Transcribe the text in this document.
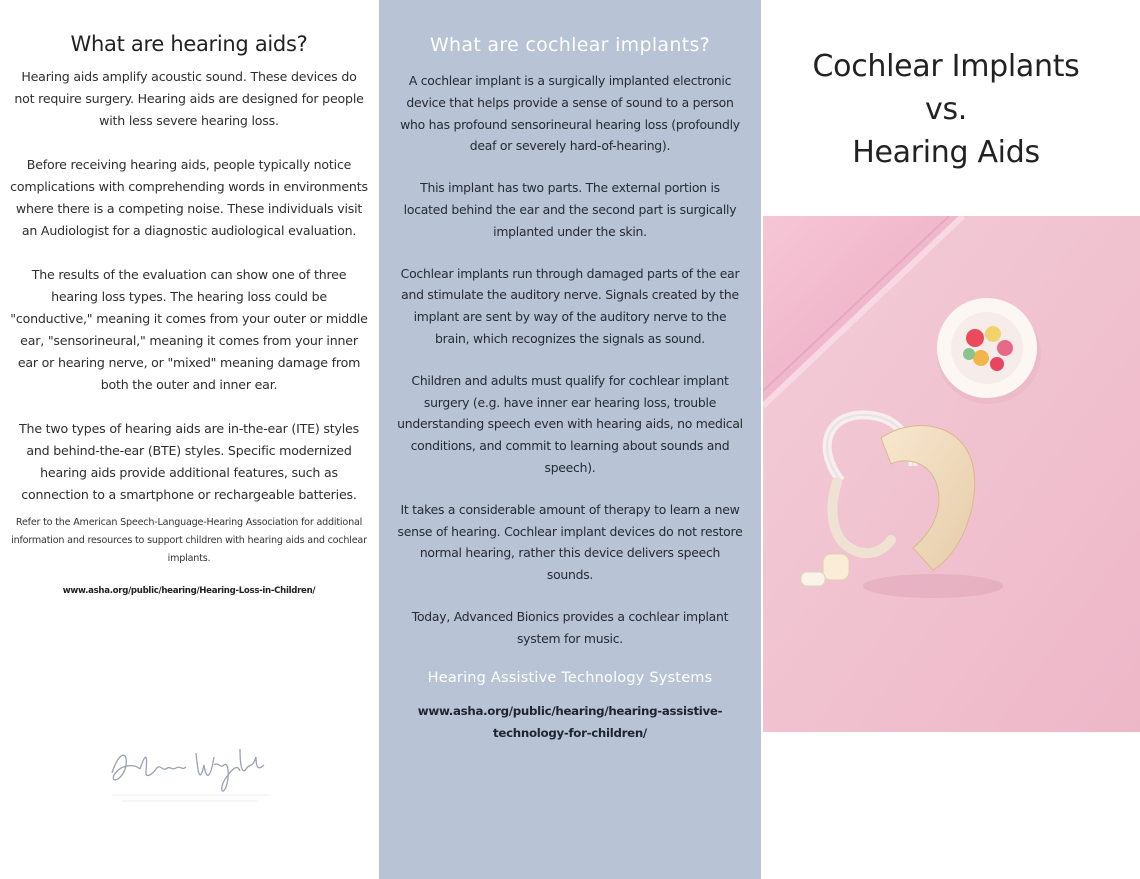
What are hearing aids?

Hearing aids amplify acoustic sound. These devices do not require surgery. Hearing aids are designed for people with less severe hearing loss.

Before receiving hearing aids, people typically notice complications with comprehending words in environments where there is a competing noise. These individuals visit an Audiologist for a diagnostic audiological evaluation.

The results of the evaluation can show one of three hearing loss types. The hearing loss could be "conductive," meaning it comes from your outer or middle ear, "sensorineural," meaning it comes from your inner ear or hearing nerve, or "mixed" meaning damage from both the outer and inner ear.

The two types of hearing aids are in-the-ear (ITE) styles and behind-the-ear (BTE) styles. Specific modernized hearing aids provide additional features, such as connection to a smartphone or rechargeable batteries.

Refer to the American Speech-Language-Hearing Association for additional information and resources to support children with hearing aids and cochlear implants.

www.asha.org/public/hearing/Hearing-Loss-in-Children/

What are cochlear implants?

A cochlear implant is a surgically implanted electronic device that helps provide a sense of sound to a person who has profound sensorineural hearing loss (profoundly deaf or severely hard-of-hearing).

This implant has two parts. The external portion is located behind the ear and the second part is surgically implanted under the skin.

Cochlear implants run through damaged parts of the ear and stimulate the auditory nerve. Signals created by the implant are sent by way of the auditory nerve to the brain, which recognizes the signals as sound.

Children and adults must qualify for cochlear implant surgery (e.g. have inner ear hearing loss, trouble understanding speech even with hearing aids, no medical conditions, and commit to learning about sounds and speech).

It takes a considerable amount of therapy to learn a new sense of hearing. Cochlear implant devices do not restore normal hearing, rather this device delivers speech sounds.

Today, Advanced Bionics provides a cochlear implant system for music.

Hearing Assistive Technology Systems

www.asha.org/public/hearing/hearing-assistive-technology-for-children/

Cochlear Implants
vs.
Hearing Aids
